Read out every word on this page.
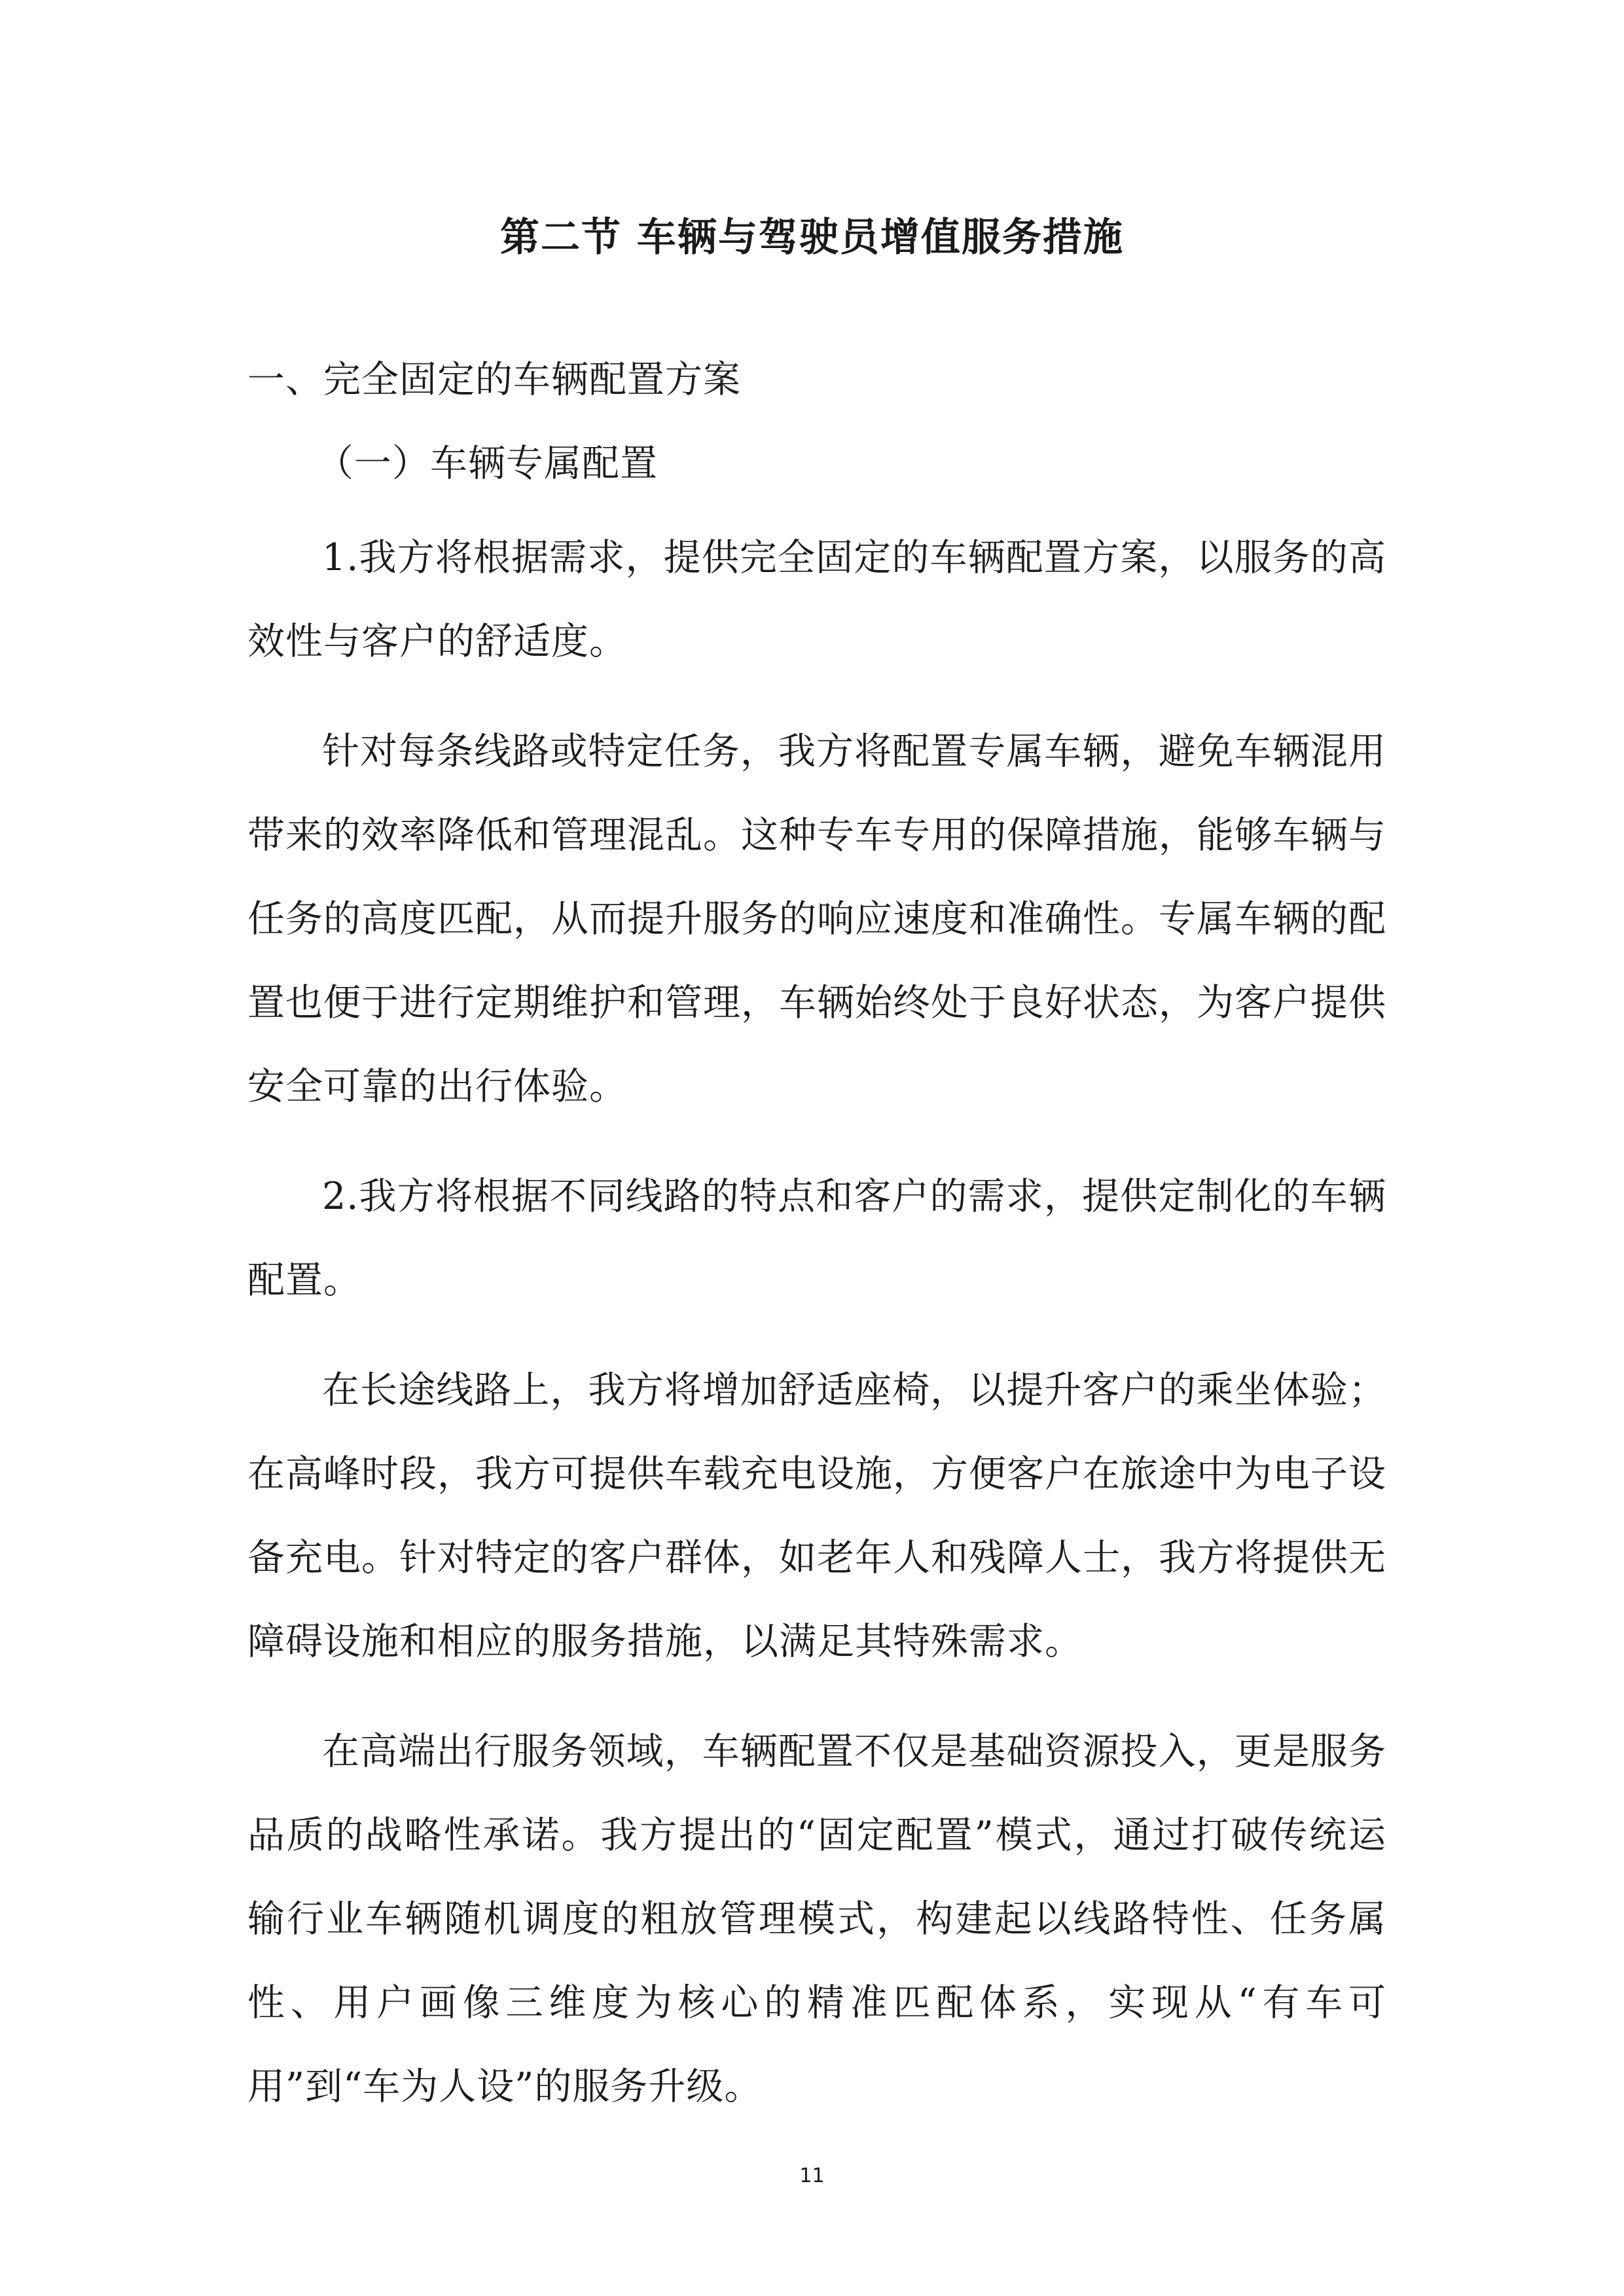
第二节 车辆与驾驶员增值服务措施

一、完全固定的车辆配置方案

（一）车辆专属配置

1.我方将根据需求，提供完全固定的车辆配置方案，以服务的高效性与客户的舒适度。

针对每条线路或特定任务，我方将配置专属车辆，避免车辆混用带来的效率降低和管理混乱。这种专车专用的保障措施，能够车辆与任务的高度匹配，从而提升服务的响应速度和准确性。专属车辆的配置也便于进行定期维护和管理，车辆始终处于良好状态，为客户提供安全可靠的出行体验。

2.我方将根据不同线路的特点和客户的需求，提供定制化的车辆配置。

在长途线路上，我方将增加舒适座椅，以提升客户的乘坐体验；在高峰时段，我方可提供车载充电设施，方便客户在旅途中为电子设备充电。针对特定的客户群体，如老年人和残障人士，我方将提供无障碍设施和相应的服务措施，以满足其特殊需求。

在高端出行服务领域，车辆配置不仅是基础资源投入，更是服务品质的战略性承诺。我方提出的“固定配置”模式，通过打破传统运输行业车辆随机调度的粗放管理模式，构建起以线路特性、任务属性、用户画像三维度为核心的精准匹配体系，实现从“有车可用”到“车为人设”的服务升级。

11
